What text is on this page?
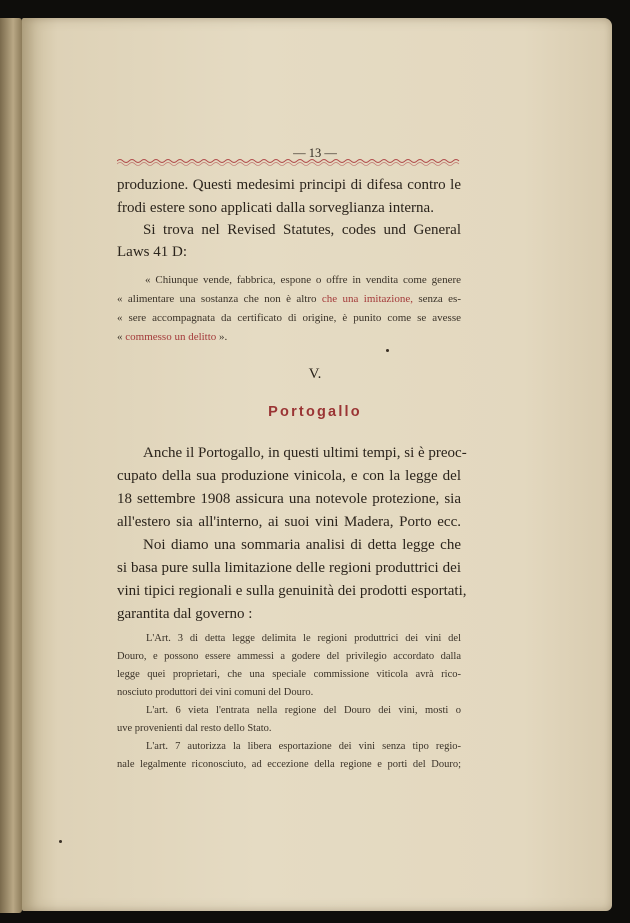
— 13 —
produzione. Questi medesimi principi di difesa contro le
frodi estere sono applicati dalla sorveglianza interna.
Si trova nel Revised Statutes, codes und General
Laws 41 D:
« Chiunque vende, fabbrica, espone o offre in vendita come genere
« alimentare una sostanza che non è altro che una imitazione, senza es-
« sere accompagnata da certificato di origine, è punito come se avesse
« commesso un delitto ».
V.
Portogallo
Anche il Portogallo, in questi ultimi tempi, si è preoc-
cupato della sua produzione vinicola, e con la legge del
18 settembre 1908 assicura una notevole protezione, sia
all'estero sia all'interno, ai suoi vini Madera, Porto ecc.
Noi diamo una sommaria analisi di detta legge che
si basa pure sulla limitazione delle regioni produttrici dei
vini tipici regionali e sulla genuinità dei prodotti esportati,
garantita dal governo :
L'Art. 3 di detta legge delimita le regioni produttrici dei vini del
Douro, e possono essere ammessi a godere del privilegio accordato dalla
legge quei proprietari, che una speciale commissione viticola avrà rico-
nosciuto produttori dei vini comuni del Douro.
L'art. 6 vieta l'entrata nella regione del Douro dei vini, mosti o
uve provenienti dal resto dello Stato.
L'art. 7 autorizza la libera esportazione dei vini senza tipo regio-
nale legalmente riconosciuto, ad eccezione della regione e porti del Douro;
